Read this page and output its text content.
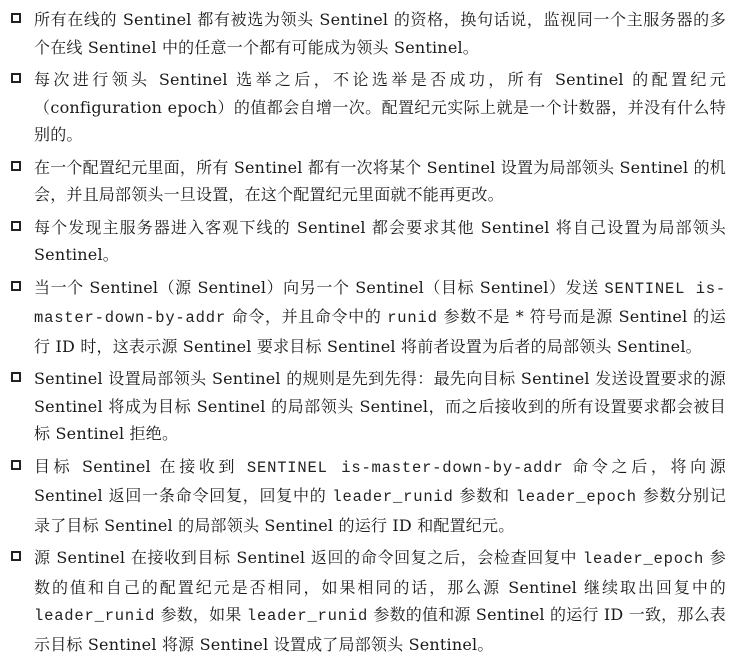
所有在线的 Sentinel 都有被选为领头 Sentinel 的资格，换句话说，监视同一个主服务器的多个在线 Sentinel 中的任意一个都有可能成为领头 Sentinel。
每次进行领头 Sentinel 选举之后，不论选举是否成功，所有 Sentinel 的配置纪元（configuration epoch）的值都会自增一次。配置纪元实际上就是一个计数器，并没有什么特别的。
在一个配置纪元里面，所有 Sentinel 都有一次将某个 Sentinel 设置为局部领头 Sentinel 的机会，并且局部领头一旦设置，在这个配置纪元里面就不能再更改。
每个发现主服务器进入客观下线的 Sentinel 都会要求其他 Sentinel 将自己设置为局部领头 Sentinel。
当一个 Sentinel（源 Sentinel）向另一个 Sentinel（目标 Sentinel）发送 SENTINEL is-master-down-by-addr 命令，并且命令中的 runid 参数不是 * 符号而是源 Sentinel 的运行 ID 时，这表示源 Sentinel 要求目标 Sentinel 将前者设置为后者的局部领头 Sentinel。
Sentinel 设置局部领头 Sentinel 的规则是先到先得：最先向目标 Sentinel 发送设置要求的源 Sentinel 将成为目标 Sentinel 的局部领头 Sentinel，而之后接收到的所有设置要求都会被目标 Sentinel 拒绝。
目标 Sentinel 在接收到 SENTINEL is-master-down-by-addr 命令之后，将向源 Sentinel 返回一条命令回复，回复中的 leader_runid 参数和 leader_epoch 参数分别记录了目标 Sentinel 的局部领头 Sentinel 的运行 ID 和配置纪元。
源 Sentinel 在接收到目标 Sentinel 返回的命令回复之后，会检查回复中 leader_epoch 参数的值和自己的配置纪元是否相同，如果相同的话，那么源 Sentinel 继续取出回复中的 leader_runid 参数，如果 leader_runid 参数的值和源 Sentinel 的运行 ID 一致，那么表示目标 Sentinel 将源 Sentinel 设置成了局部领头 Sentinel。
